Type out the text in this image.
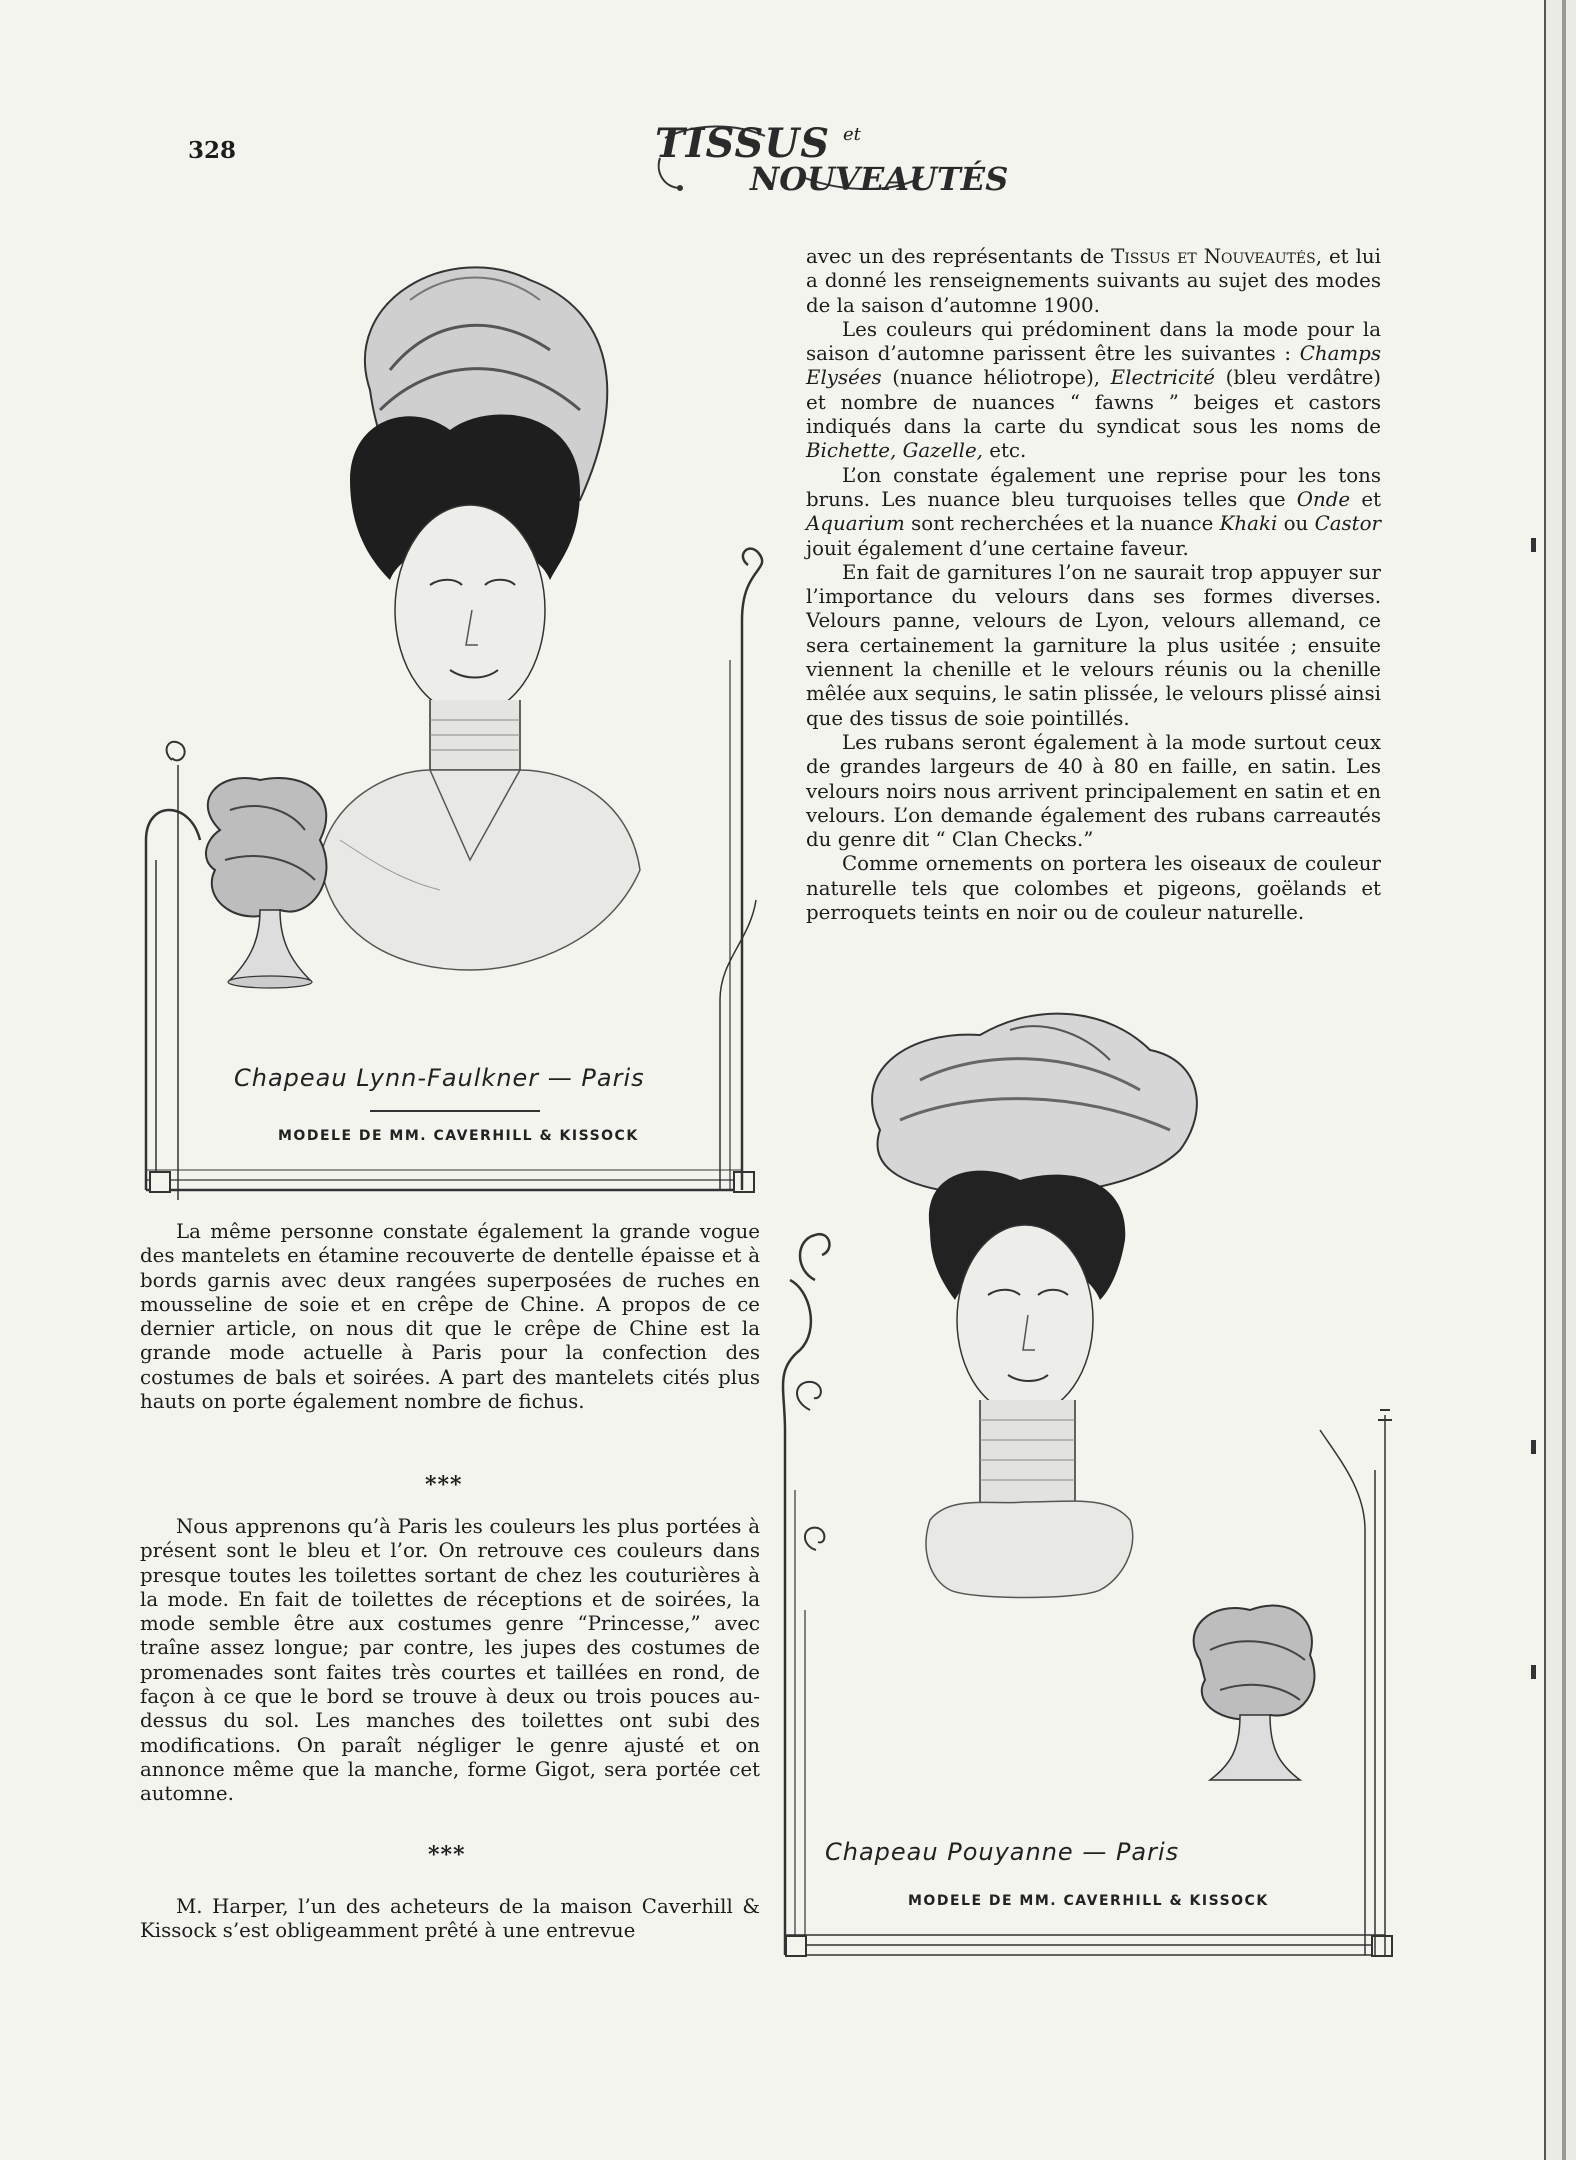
328	TISSUS et
NOUVEAUTÉS

avec un des représentants de Tissus et Nouveautés, et lui a donné les renseignements suivants au sujet des modes de la saison d’automne 1900.

Les couleurs qui prédominent dans la mode pour la saison d’automne parissent être les suivantes : Champs Elysées (nuance héliotrope), Electricité (bleu verdâtre) et nombre de nuances “ fawns ” beiges et castors indiqués dans la carte du syndicat sous les noms de Bichette, Gazelle, etc.

L’on constate également une reprise pour les tons bruns. Les nuance bleu turquoises telles que Onde et Aquarium sont recherchées et la nuance Khaki ou Castor jouit également d’une certaine faveur.

En fait de garnitures l’on ne saurait trop appuyer sur l’importance du velours dans ses formes diverses. Velours panne, velours de Lyon, velours allemand, ce sera certainement la garniture la plus usitée ; ensuite viennent la chenille et le velours réunis ou la chenille mêlée aux sequins, le satin plissée, le velours plissé ainsi que des tissus de soie pointillés.

Les rubans seront également à la mode surtout ceux de grandes largeurs de 40 à 80 en faille, en satin. Les velours noirs nous arrivent principalement en satin et en velours. L’on demande également des rubans carreautés du genre dit “ Clan Checks.”

Comme ornements on portera les oiseaux de couleur naturelle tels que colombes et pigeons, goëlands et perroquets teints en noir ou de couleur naturelle.

Chapeau Lynn-Faulkner — Paris
MODELE DE MM. CAVERHILL & KISSOCK

La même personne constate également la grande vogue des mantelets en étamine recouverte de dentelle épaisse et à bords garnis avec deux rangées superposées de ruches en mousseline de soie et en crêpe de Chine. A propos de ce dernier article, on nous dit que le crêpe de Chine est la grande mode actuelle à Paris pour la confection des costumes de bals et soirées. A part des mantelets cités plus hauts on porte également nombre de fichus.

***

Nous apprenons qu’à Paris les couleurs les plus portées à présent sont le bleu et l’or. On retrouve ces couleurs dans presque toutes les toilettes sortant de chez les couturières à la mode. En fait de toilettes de réceptions et de soirées, la mode semble être aux costumes genre “Princesse,” avec traîne assez longue; par contre, les jupes des costumes de promenades sont faites très courtes et taillées en rond, de façon à ce que le bord se trouve à deux ou trois pouces au-dessus du sol. Les manches des toilettes ont subi des modifications. On paraît négliger le genre ajusté et on annonce même que la manche, forme Gigot, sera portée cet automne.

***

M. Harper, l’un des acheteurs de la maison Caverhill & Kissock s’est obligeamment prêté à une entrevue

Chapeau Pouyanne — Paris
MODELE DE MM. CAVERHILL & KISSOCK
